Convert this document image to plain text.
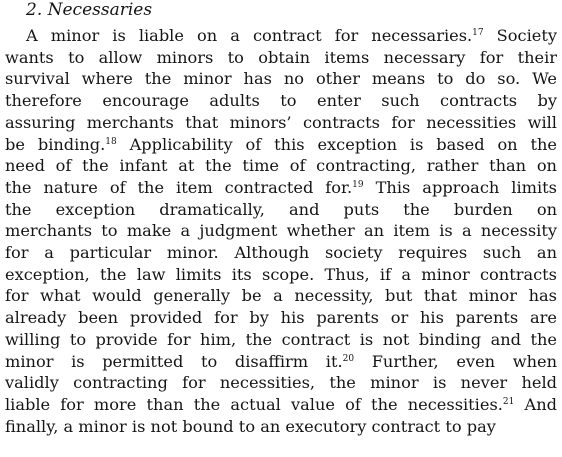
2. Necessaries
A minor is liable on a contract for necessaries.$^{17}$ Society
wants to allow minors to obtain items necessary for their
survival where the minor has no other means to do so. We
therefore encourage adults to enter such contracts by
assuring merchants that minors’ contracts for necessities will
be binding.$^{18}$ Applicability of this exception is based on the
need of the infant at the time of contracting, rather than on
the nature of the item contracted for.$^{19}$ This approach limits
the exception dramatically, and puts the burden on
merchants to make a judgment whether an item is a necessity
for a particular minor. Although society requires such an
exception, the law limits its scope. Thus, if a minor contracts
for what would generally be a necessity, but that minor has
already been provided for by his parents or his parents are
willing to provide for him, the contract is not binding and the
minor is permitted to disaffirm it.$^{20}$ Further, even when
validly contracting for necessities, the minor is never held
liable for more than the actual value of the necessities.$^{21}$ And
finally, a minor is not bound to an executory contract to pay
